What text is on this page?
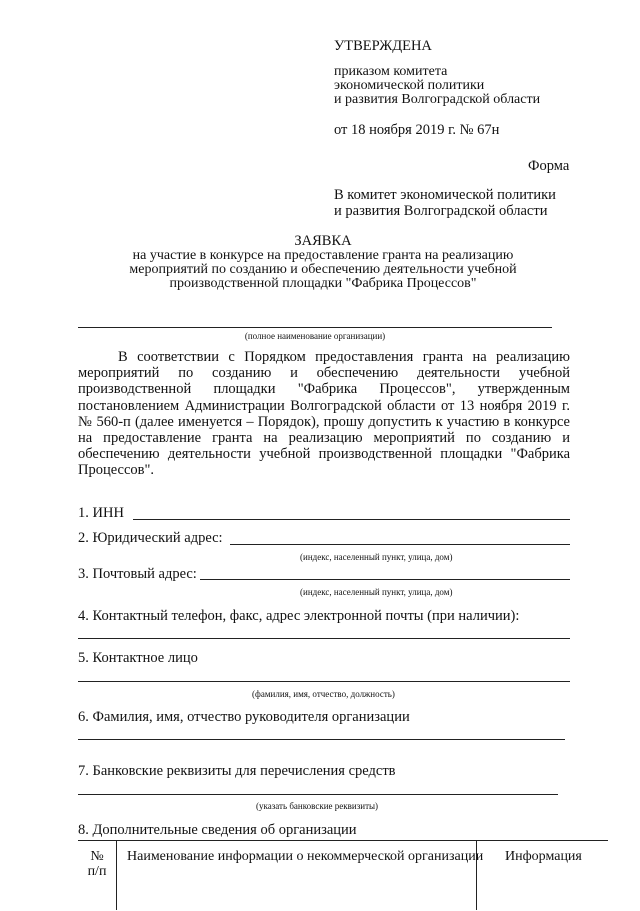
УТВЕРЖДЕНА
приказом комитета
экономической политики
и развития Волгоградской области
от 18 ноября 2019 г. № 67н
Форма
В комитет экономической политики
и развития Волгоградской области
ЗАЯВКА
на участие в конкурсе на предоставление гранта на реализацию
мероприятий по созданию и обеспечению деятельности учебной
производственной площадки "Фабрика Процессов"
(полное наименование организации)
В соответствии с Порядком предоставления гранта на реализацию мероприятий по созданию и обеспечению деятельности учебной производственной площадки "Фабрика Процессов", утвержденным постановлением Администрации Волгоградской области от 13 ноября 2019 г. № 560-п (далее именуется – Порядок), прошу допустить к участию в конкурсе на предоставление гранта на реализацию мероприятий по созданию и обеспечению деятельности учебной производственной площадки "Фабрика Процессов".
1. ИНН
2. Юридический адрес:
(индекс, населенный пункт, улица, дом)
3. Почтовый адрес:
(индекс, населенный пункт, улица, дом)
4. Контактный телефон, факс, адрес электронной почты (при наличии):
5. Контактное лицо
(фамилия, имя, отчество, должность)
6. Фамилия, имя, отчество руководителя организации
7. Банковские реквизиты для перечисления средств
(указать банковские реквизиты)
8. Дополнительные сведения об организации
№
п/п
Наименование информации о некоммерческой организации Информация
